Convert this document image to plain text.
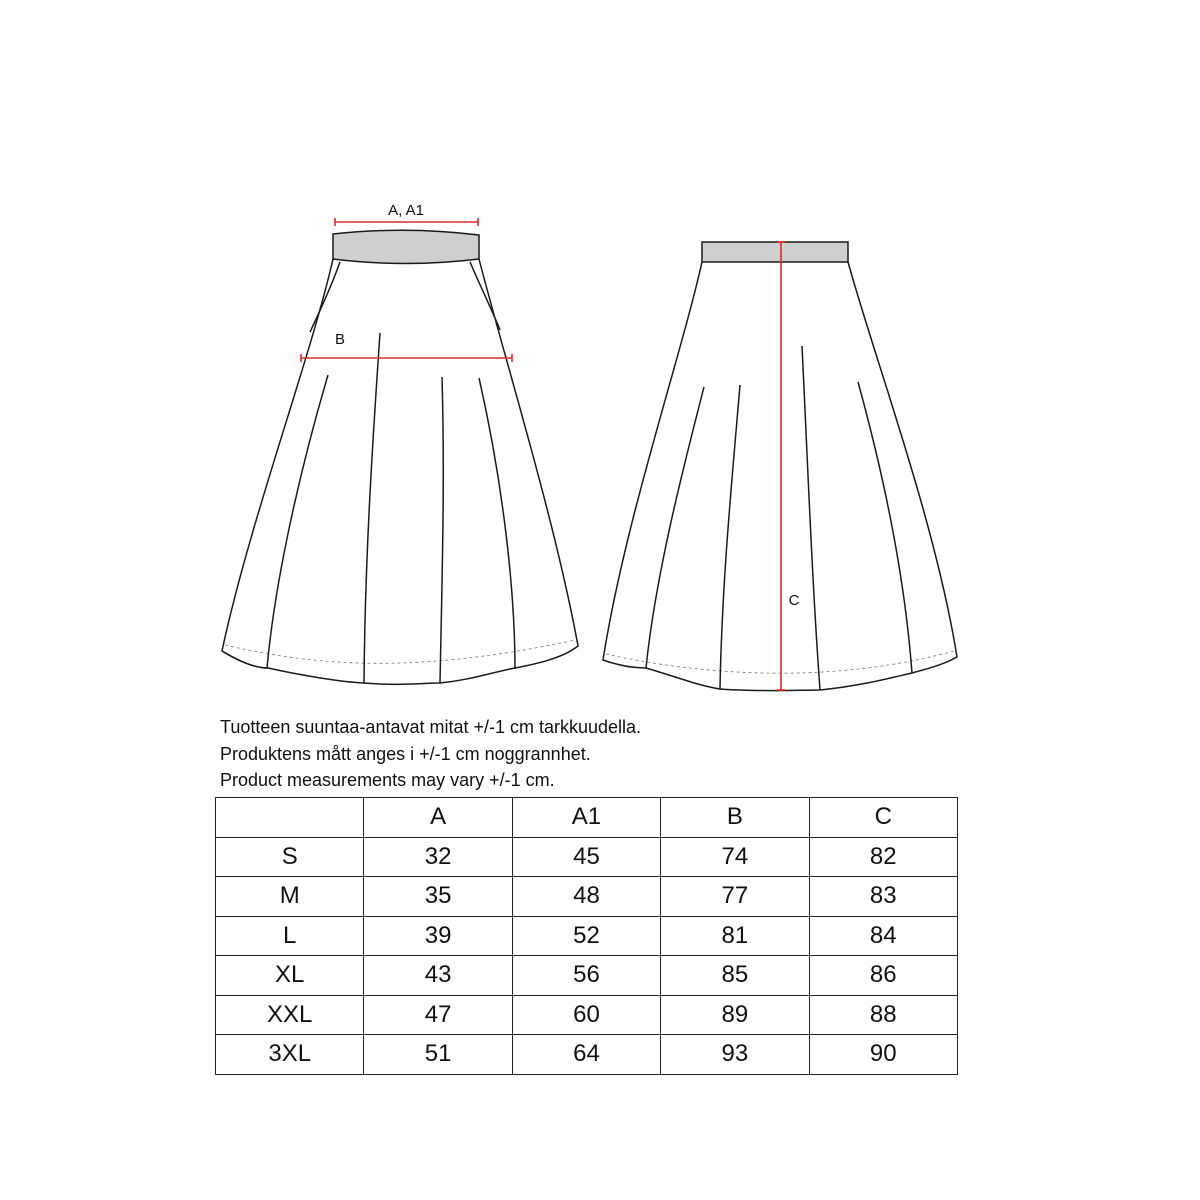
A, A1
B
C
Tuotteen suuntaa-antavat mitat +/-1 cm tarkkuudella.
Produktens mått anges i +/-1 cm noggrannhet.
Product measurements may vary +/-1 cm.
	A	A1	B	C
S	32	45	74	82
M	35	48	77	83
L	39	52	81	84
XL	43	56	85	86
XXL	47	60	89	88
3XL	51	64	93	90
